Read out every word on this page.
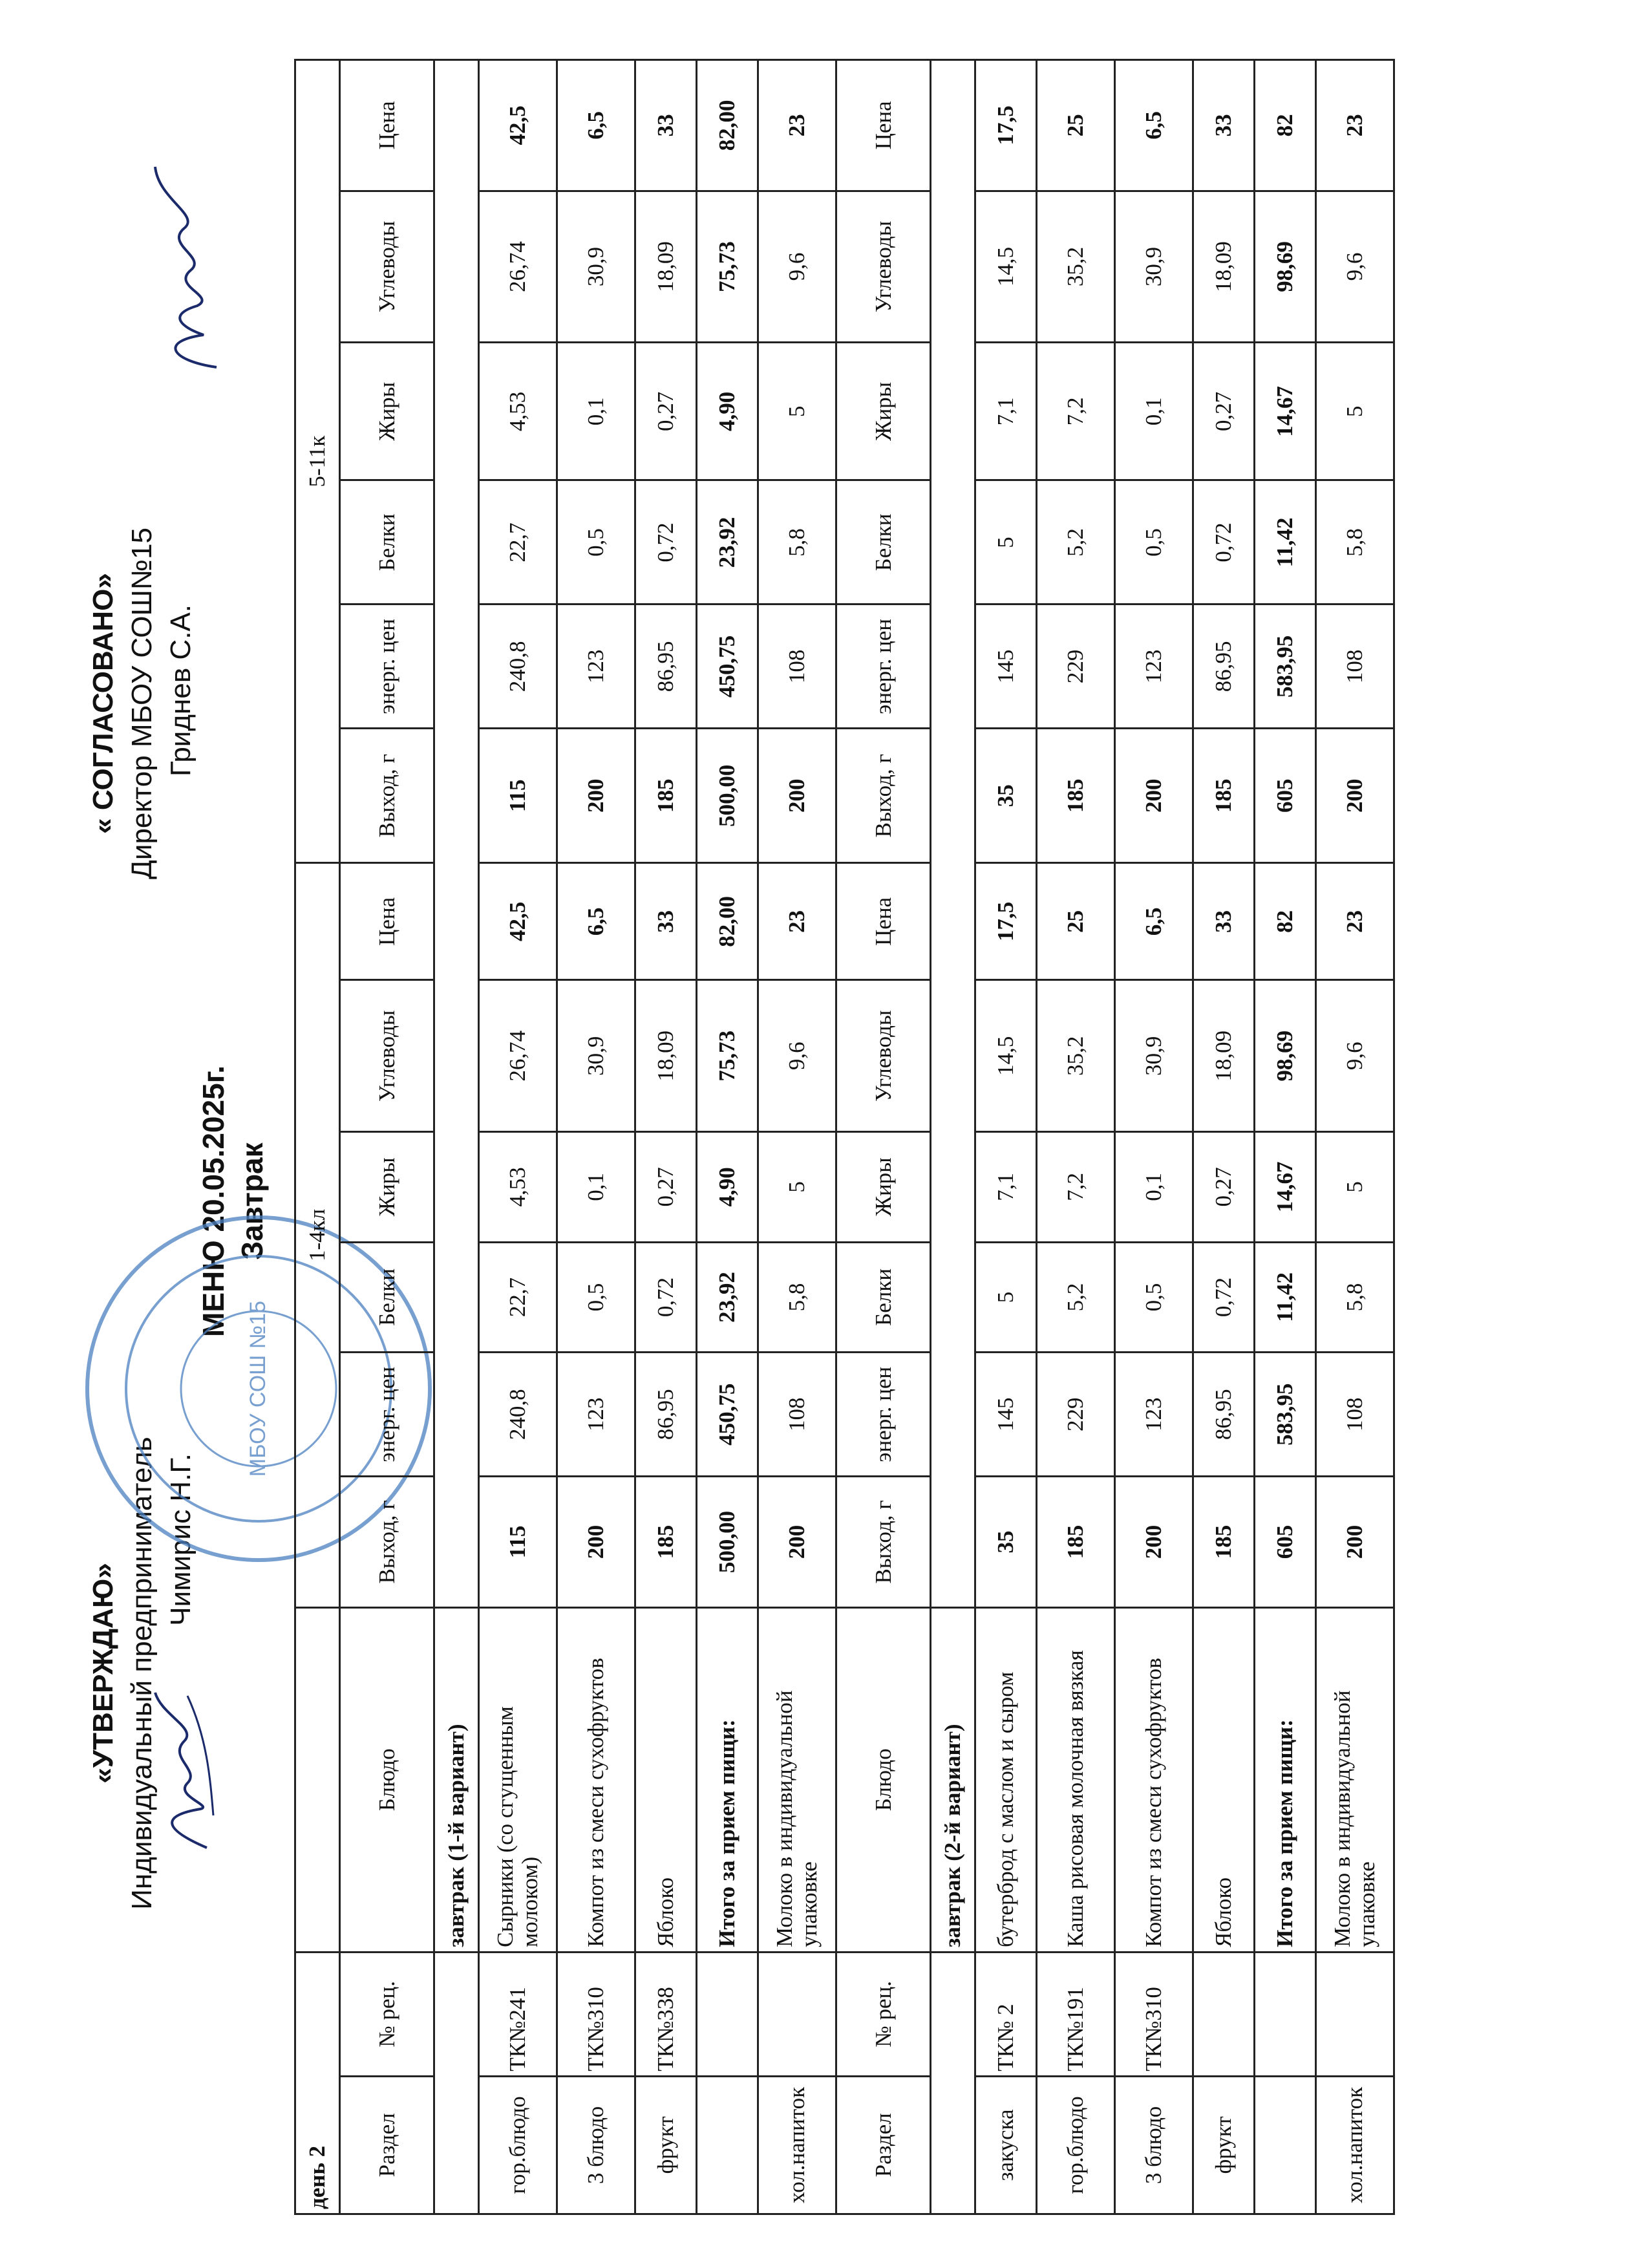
«УТВЕРЖДАЮ» Индивидуальный предприниматель Чимирис Н.Г.
МЕНЮ 20.05.2025г. Завтрак
« СОГЛАСОВАНО» Директор МБОУ СОШ№15 Гриднев С.А.
МБОУ СОШ №15
день 2			1-4кл						5-11к					
Раздел	№ рец.	Блюдо	Выход, г	энерг. цен	Белки	Жиры	Углеводы	Цена	Выход, г	энерг. цен	Белки	Жиры	Углеводы	Цена
		завтрак (1-й вариант)												
гор.блюдо	ТК№241	Сырники (со сгущенным молоком)	115	240,8	22,7	4,53	26,74	42,5	115	240,8	22,7	4,53	26,74	42,5
3 блюдо	ТК№310	Компот из смеси сухофруктов	200	123	0,5	0,1	30,9	6,5	200	123	0,5	0,1	30,9	6,5
фрукт	ТК№338	Яблоко	185	86,95	0,72	0,27	18,09	33	185	86,95	0,72	0,27	18,09	33
		Итого за прием пищи:	500,00	450,75	23,92	4,90	75,73	82,00	500,00	450,75	23,92	4,90	75,73	82,00
хол.напиток		Молоко в индивидуальной упаковке	200	108	5,8	5	9,6	23	200	108	5,8	5	9,6	23
Раздел	№ рец.	Блюдо	Выход, г	энерг. цен	Белки	Жиры	Углеводы	Цена	Выход, г	энерг. цен	Белки	Жиры	Углеводы	Цена
		завтрак (2-й вариант)												
закуска	ТК№ 2	бутерброд с маслом и сыром	35	145	5	7,1	14,5	17,5	35	145	5	7,1	14,5	17,5
гор.блюдо	ТК№191	Каша рисовая молочная вязкая	185	229	5,2	7,2	35,2	25	185	229	5,2	7,2	35,2	25
3 блюдо	ТК№310	Компот из смеси сухофруктов	200	123	0,5	0,1	30,9	6,5	200	123	0,5	0,1	30,9	6,5
фрукт		Яблоко	185	86,95	0,72	0,27	18,09	33	185	86,95	0,72	0,27	18,09	33
		Итого за прием пищи:	605	583,95	11,42	14,67	98,69	82	605	583,95	11,42	14,67	98,69	82
хол.напиток		Молоко в индивидуальной упаковке	200	108	5,8	5	9,6	23	200	108	5,8	5	9,6	23
